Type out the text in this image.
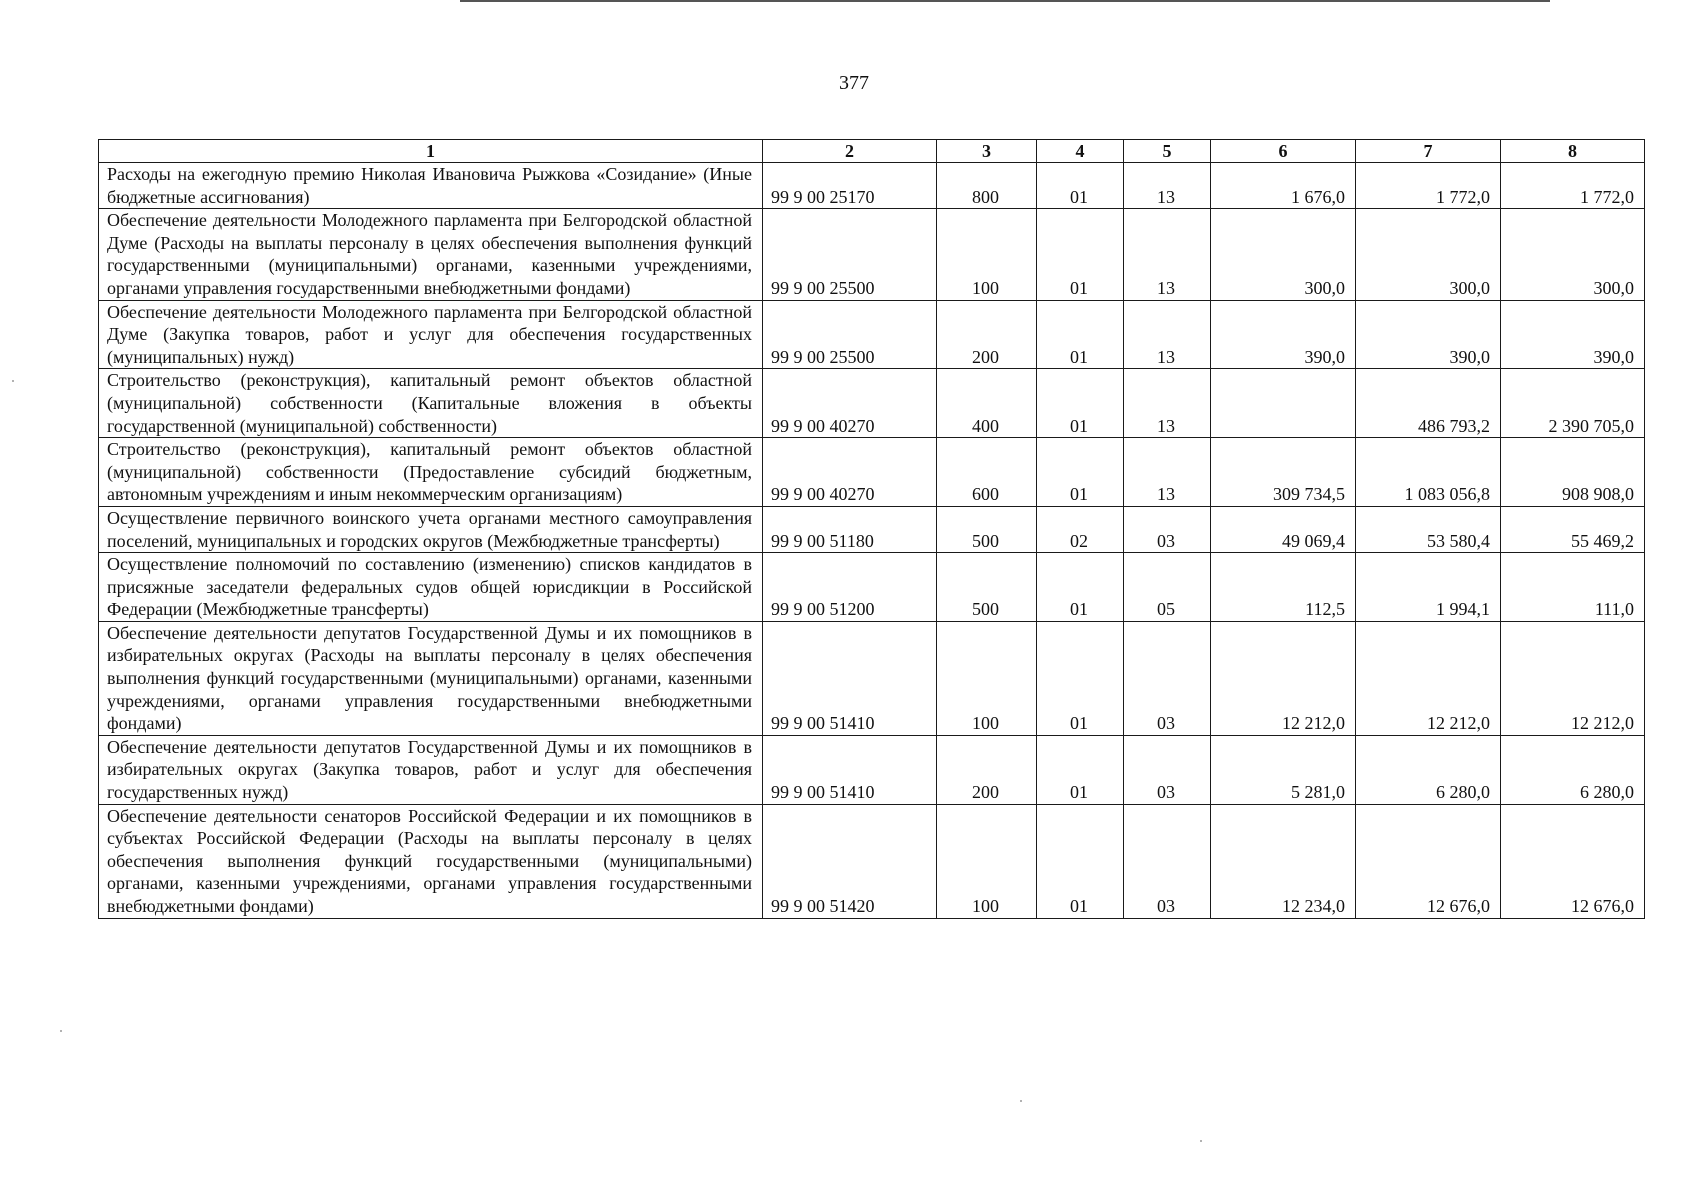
377
1	2	3	4	5	6	7	8
Расходы на ежегодную премию Николая Ивановича Рыжкова «Созидание» (Иные бюджетные ассигнования)	99 9 00 25170	800	01	13	1 676,0	1 772,0	1 772,0
Обеспечение деятельности Молодежного парламента при Белгородской областной Думе (Расходы на выплаты персоналу в целях обеспечения выполнения функций государственными (муниципальными) органами, казенными учреждениями, органами управления государственными внебюджетными фондами)	99 9 00 25500	100	01	13	300,0	300,0	300,0
Обеспечение деятельности Молодежного парламента при Белгородской областной Думе (Закупка товаров, работ и услуг для обеспечения государственных (муниципальных) нужд)	99 9 00 25500	200	01	13	390,0	390,0	390,0
Строительство (реконструкция), капитальный ремонт объектов областной (муниципальной) собственности (Капитальные вложения в объекты государственной (муниципальной) собственности)	99 9 00 40270	400	01	13		486 793,2	2 390 705,0
Строительство (реконструкция), капитальный ремонт объектов областной (муниципальной) собственности (Предоставление субсидий бюджетным, автономным учреждениям и иным некоммерческим организациям)	99 9 00 40270	600	01	13	309 734,5	1 083 056,8	908 908,0
Осуществление первичного воинского учета органами местного самоуправления поселений, муниципальных и городских округов (Межбюджетные трансферты)	99 9 00 51180	500	02	03	49 069,4	53 580,4	55 469,2
Осуществление полномочий по составлению (изменению) списков кандидатов в присяжные заседатели федеральных судов общей юрисдикции в Российской Федерации (Межбюджетные трансферты)	99 9 00 51200	500	01	05	112,5	1 994,1	111,0
Обеспечение деятельности депутатов Государственной Думы и их помощников в избирательных округах (Расходы на выплаты персоналу в целях обеспечения выполнения функций государственными (муниципальными) органами, казенными учреждениями, органами управления государственными внебюджетными фондами)	99 9 00 51410	100	01	03	12 212,0	12 212,0	12 212,0
Обеспечение деятельности депутатов Государственной Думы и их помощников в избирательных округах (Закупка товаров, работ и услуг для обеспечения государственных нужд)	99 9 00 51410	200	01	03	5 281,0	6 280,0	6 280,0
Обеспечение деятельности сенаторов Российской Федерации и их помощников в субъектах Российской Федерации (Расходы на выплаты персоналу в целях обеспечения выполнения функций государственными (муниципальными) органами, казенными учреждениями, органами управления государственными внебюджетными фондами)	99 9 00 51420	100	01	03	12 234,0	12 676,0	12 676,0
